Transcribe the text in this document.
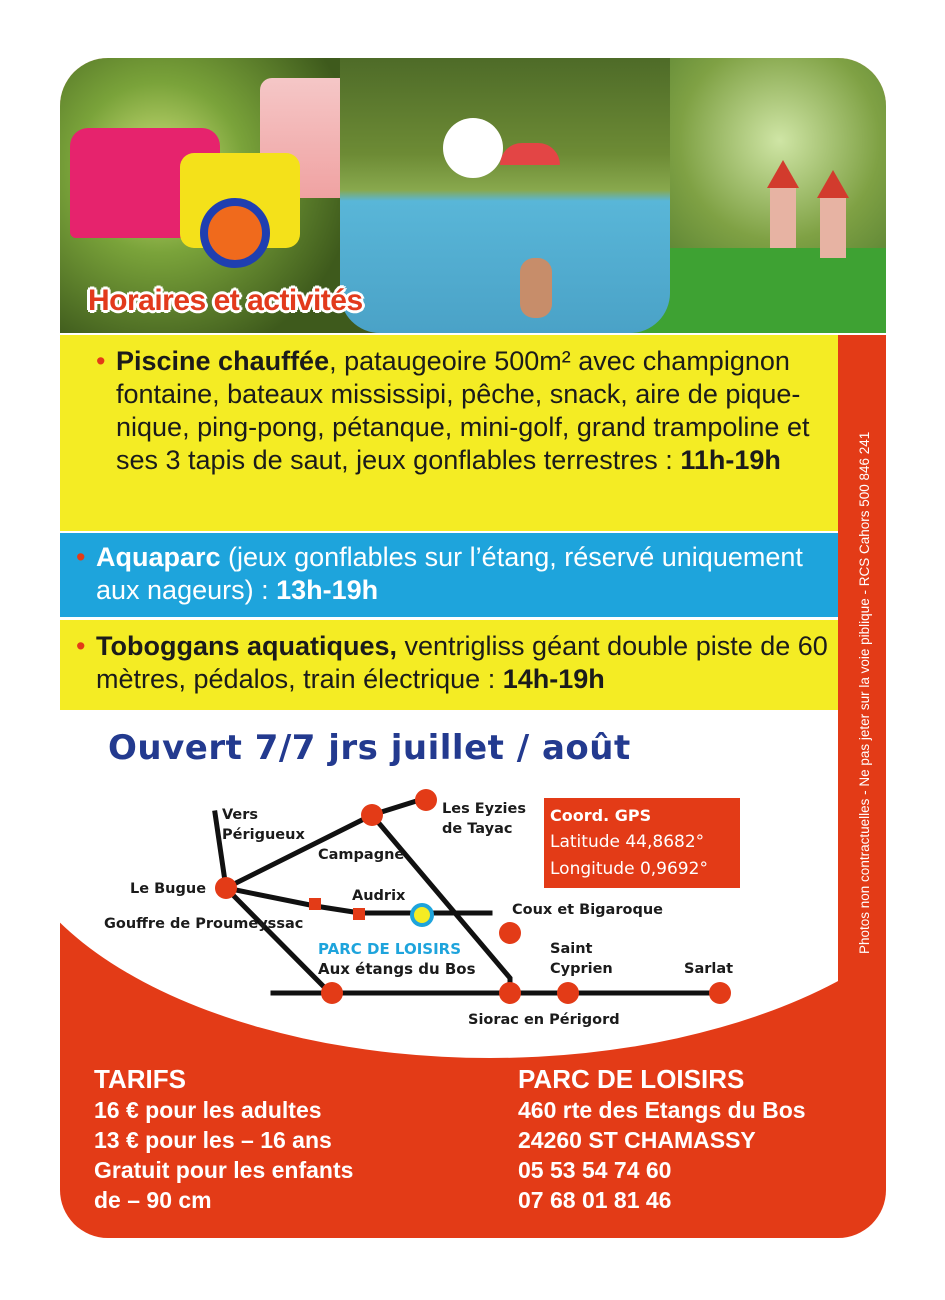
Horaires et activités
Photos non contractuelles - Ne pas jeter sur la voie piblique - RCS Cahors 500 846 241
• Piscine chauffée, pataugeoire 500m² avec champignon fontaine, bateaux mississipi, pêche, snack, aire de pique-nique, ping-pong, pétanque, mini-golf, grand trampoline et ses 3 tapis de saut, jeux gonflables terrestres : 11h-19h
• Aquaparc (jeux gonflables sur l’étang, réservé uniquement aux nageurs) : 13h-19h
• Toboggans aquatiques, ventrigliss géant double piste de 60 mètres, pédalos, train électrique : 14h-19h
Ouvert 7/7 jrs juillet / août
Vers
Périgueux
Campagne
Les Eyzies
de Tayac
Le Bugue	Audrix
Gouffre de Proumeyssac
Coux et Bigaroque
PARC DE LOISIRS
Aux étangs du Bos
Saint
Cyprien	Sarlat
Siorac en Périgord
Coord. GPS
Latitude 44,8682°
Longitude 0,9692°
TARIFS
16 € pour les adultes
13 € pour les – 16 ans
Gratuit pour les enfants
de – 90 cm
PARC DE LOISIRS
460 rte des Etangs du Bos
24260 ST CHAMASSY
05 53 54 74 60
07 68 01 81 46
